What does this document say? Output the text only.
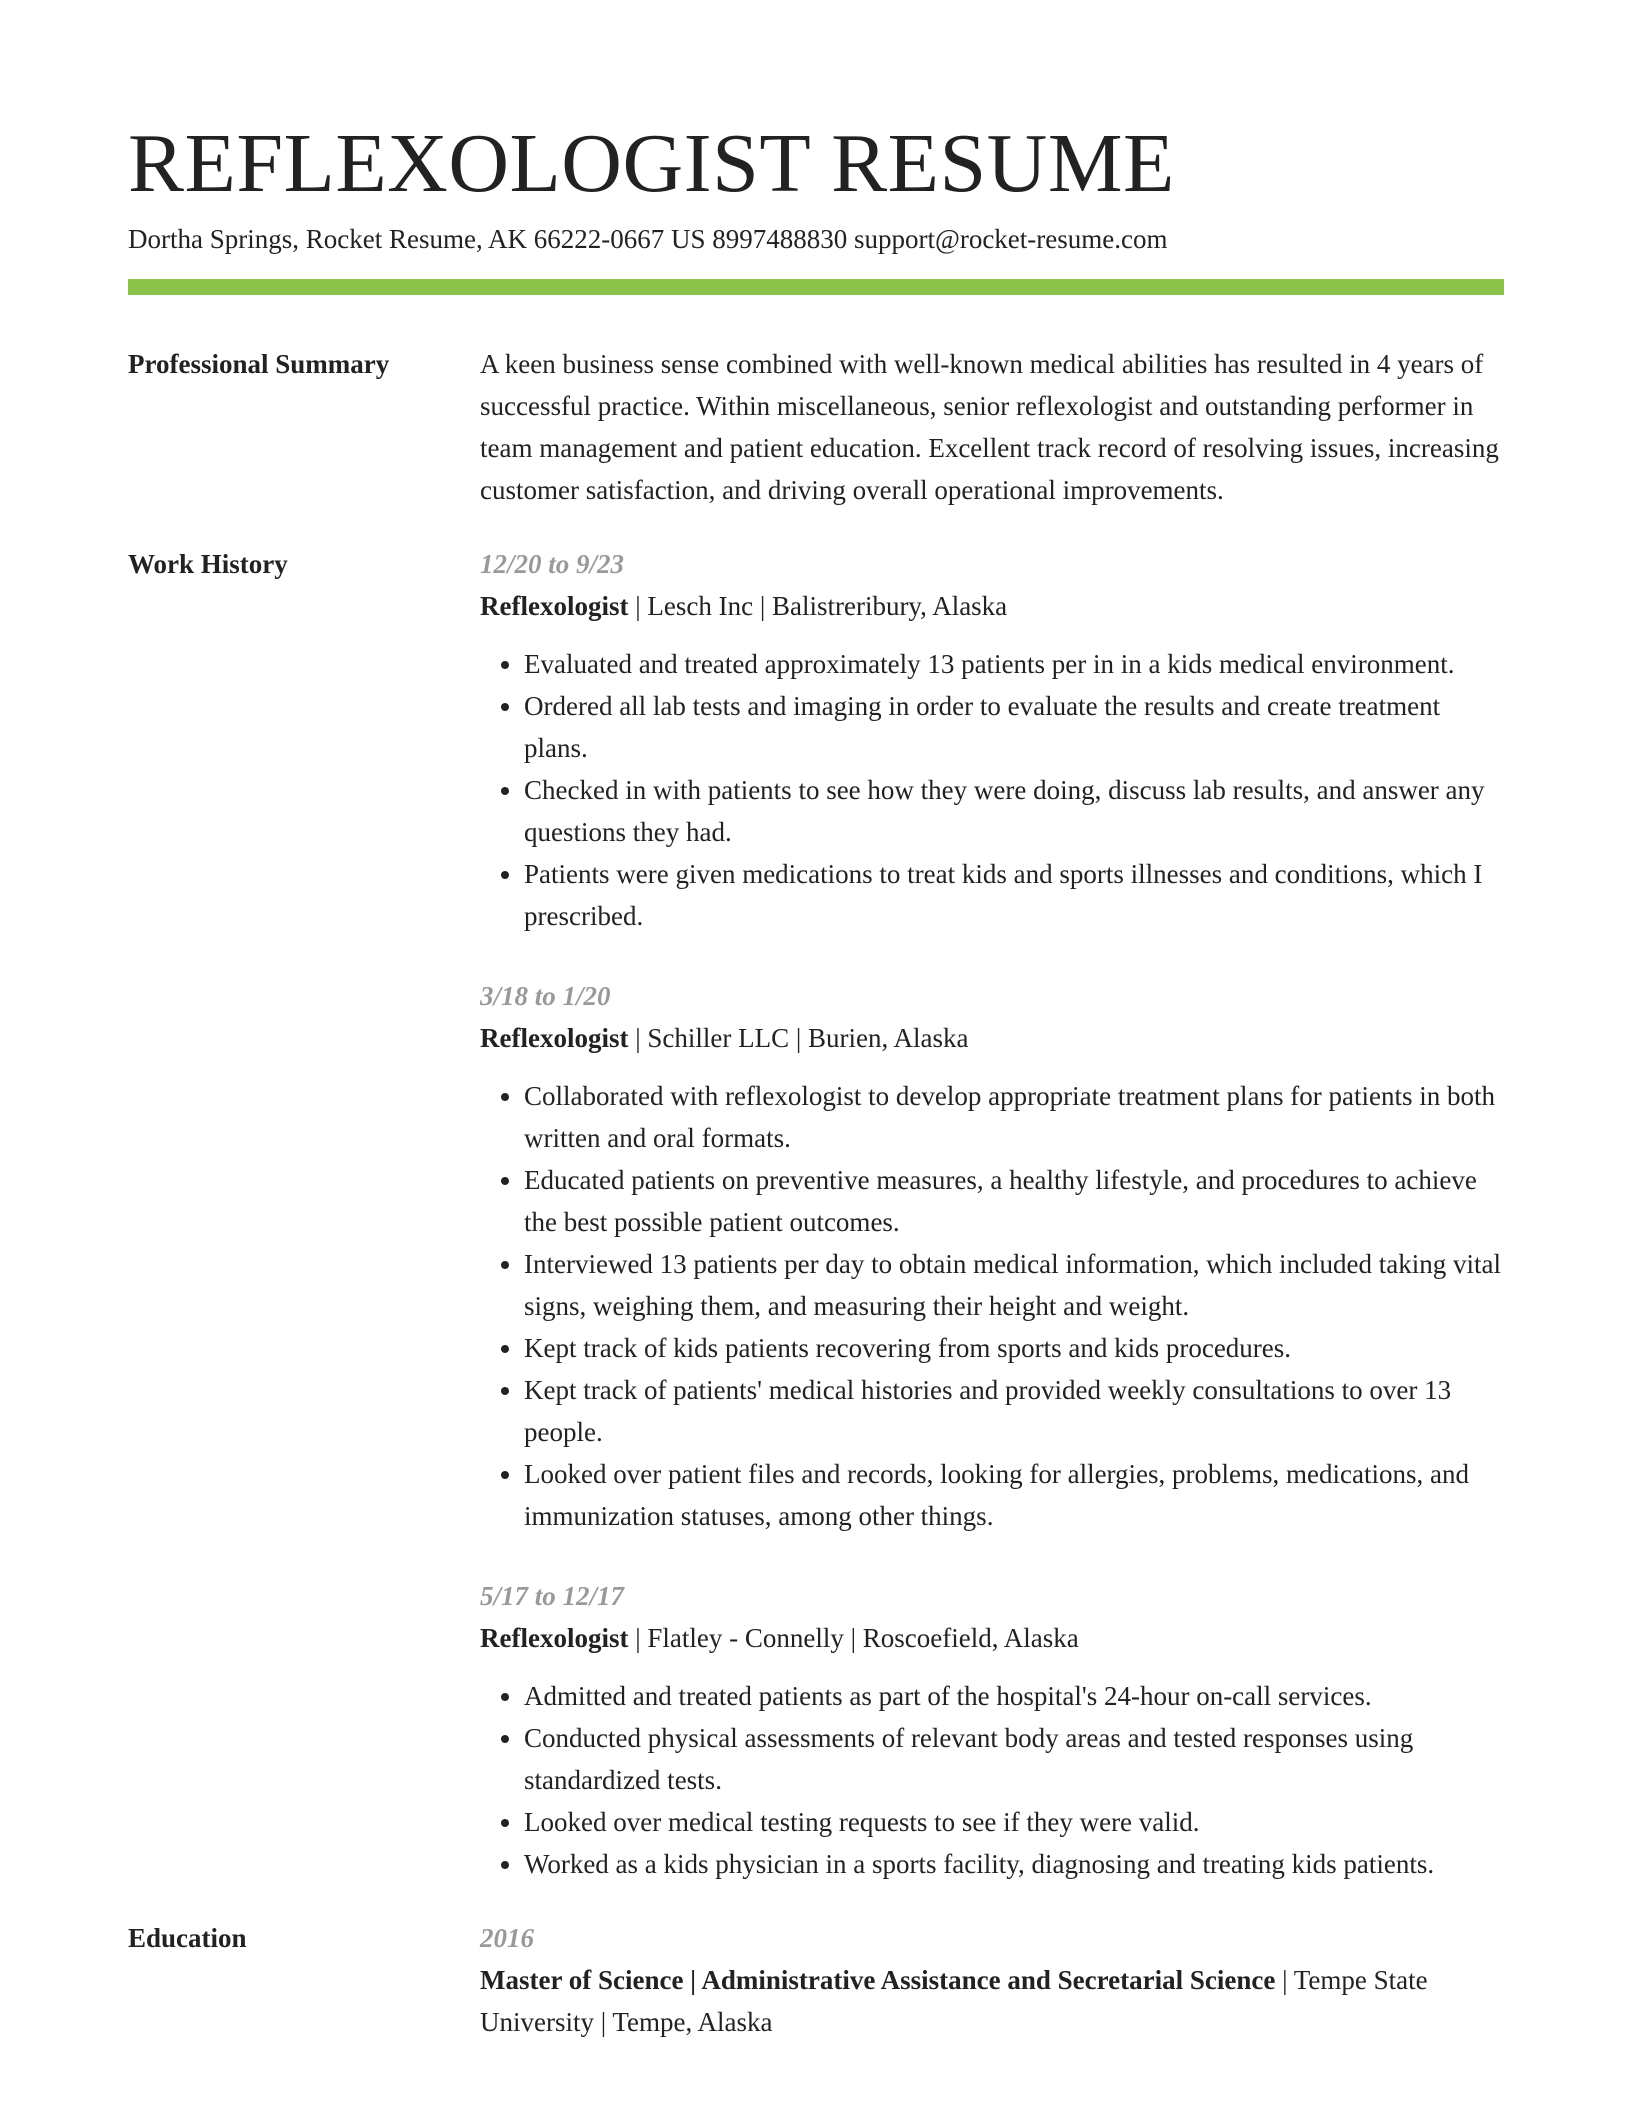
REFLEXOLOGIST RESUME
Dortha Springs, Rocket Resume, AK 66222-0667 US 8997488830 support@rocket-resume.com
Professional Summary	A keen business sense combined with well-known medical abilities has resulted in 4 years of successful practice. Within miscellaneous, senior reflexologist and outstanding performer in team management and patient education. Excellent track record of resolving issues, increasing customer satisfaction, and driving overall operational improvements.

Work History	12/20 to 9/23
Reflexologist | Lesch Inc | Balistreribury, Alaska
• Evaluated and treated approximately 13 patients per in in a kids medical environment.
• Ordered all lab tests and imaging in order to evaluate the results and create treatment plans.
• Checked in with patients to see how they were doing, discuss lab results, and answer any questions they had.
• Patients were given medications to treat kids and sports illnesses and conditions, which I prescribed.
3/18 to 1/20
Reflexologist | Schiller LLC | Burien, Alaska
• Collaborated with reflexologist to develop appropriate treatment plans for patients in both written and oral formats.
• Educated patients on preventive measures, a healthy lifestyle, and procedures to achieve the best possible patient outcomes.
• Interviewed 13 patients per day to obtain medical information, which included taking vital signs, weighing them, and measuring their height and weight.
• Kept track of kids patients recovering from sports and kids procedures.
• Kept track of patients' medical histories and provided weekly consultations to over 13 people.
• Looked over patient files and records, looking for allergies, problems, medications, and immunization statuses, among other things.
5/17 to 12/17
Reflexologist | Flatley - Connelly | Roscoefield, Alaska
• Admitted and treated patients as part of the hospital's 24-hour on-call services.
• Conducted physical assessments of relevant body areas and tested responses using standardized tests.
• Looked over medical testing requests to see if they were valid.
• Worked as a kids physician in a sports facility, diagnosing and treating kids patients.
Education	2016
Master of Science | Administrative Assistance and Secretarial Science | Tempe State University | Tempe, Alaska
